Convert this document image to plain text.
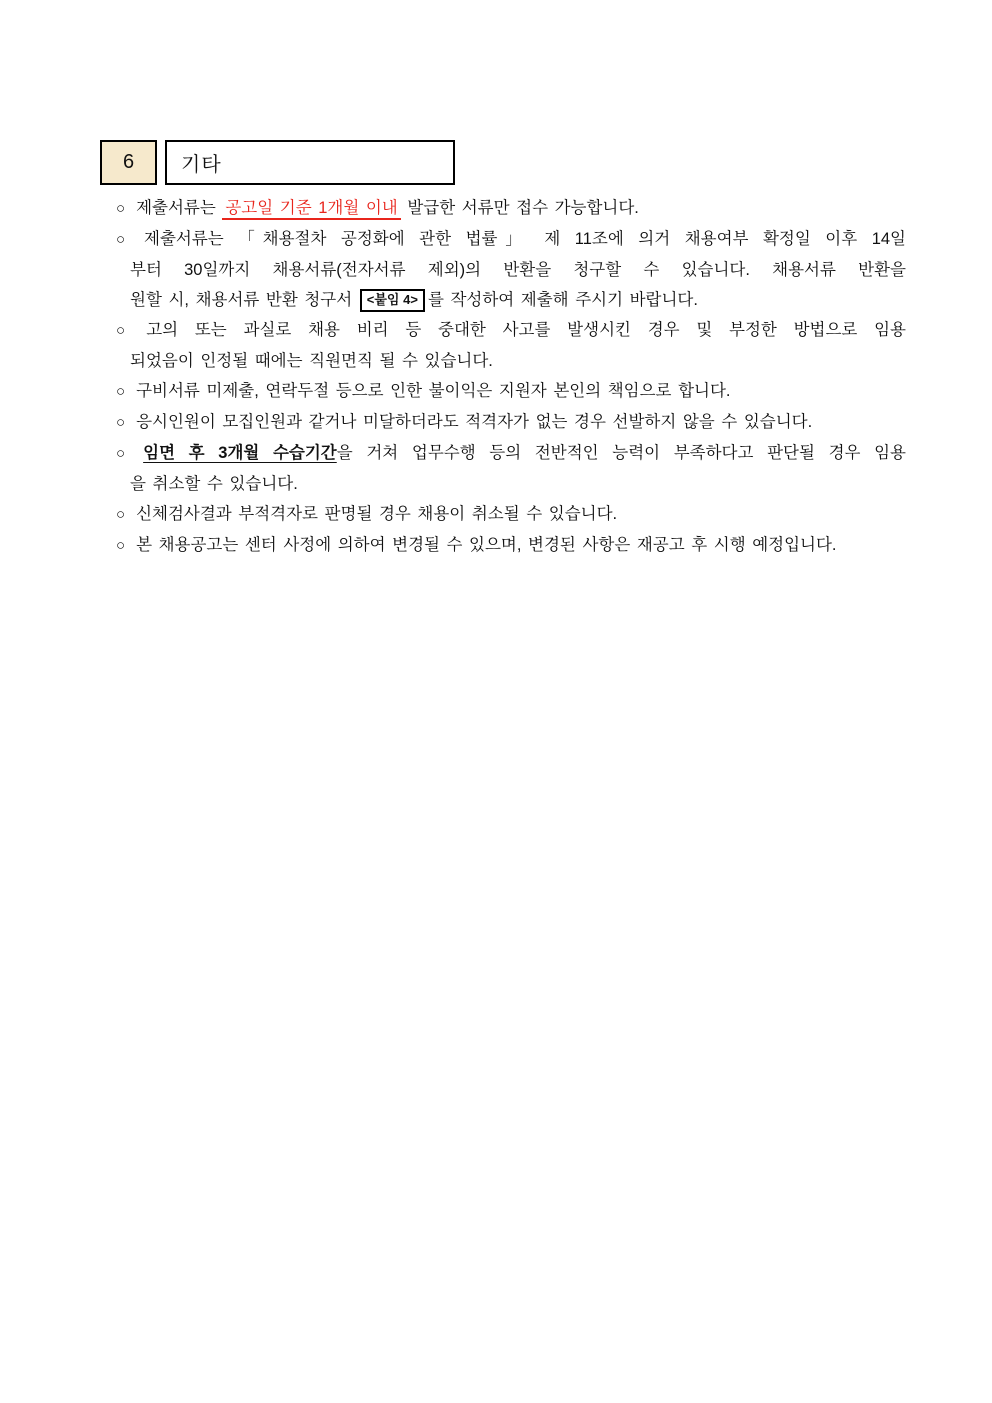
6 기타
○ 제출서류는 공고일 기준 1개월 이내 발급한 서류만 접수 가능합니다.
○ 제출서류는 「채용절차 공정화에 관한 법률」 제 11조에 의거 채용여부 확정일 이후 14일
부터 30일까지 채용서류(전자서류 제외)의 반환을 청구할 수 있습니다. 채용서류 반환을
원할 시, 채용서류 반환 청구서 <붙임 4> 를 작성하여 제출해 주시기 바랍니다.
○ 고의 또는 과실로 채용 비리 등 중대한 사고를 발생시킨 경우 및 부정한 방법으로 임용
되었음이 인정될 때에는 직원면직 될 수 있습니다.
○ 구비서류 미제출, 연락두절 등으로 인한 불이익은 지원자 본인의 책임으로 합니다.
○ 응시인원이 모집인원과 같거나 미달하더라도 적격자가 없는 경우 선발하지 않을 수 있습니다.
○ 임면 후 3개월 수습기간을 거쳐 업무수행 등의 전반적인 능력이 부족하다고 판단될 경우 임용
을 취소할 수 있습니다.
○ 신체검사결과 부적격자로 판명될 경우 채용이 취소될 수 있습니다.
○ 본 채용공고는 센터 사정에 의하여 변경될 수 있으며, 변경된 사항은 재공고 후 시행 예정입니다.
